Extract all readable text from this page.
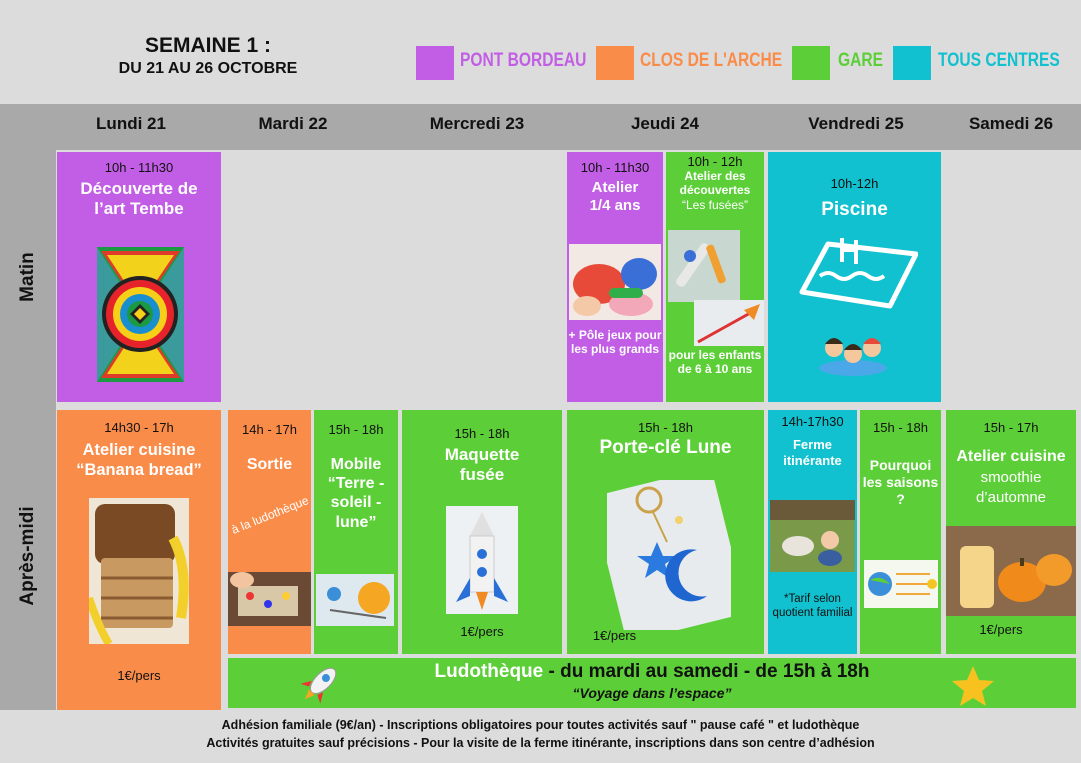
SEMAINE 1 :
DU 21 AU 26 OCTOBRE	PONT BORDEAU	CLOS DE L'ARCHE	GARE	TOUS CENTRES
Lundi 21	Mardi 22	Mercredi 23	Jeudi 24	Vendredi 25	Samedi 26
Matin
Après-midi
10h - 11h30
Découverte de l’art Tembe
10h - 11h30
Atelier 1/4 ans
+ Pôle jeux pour les plus grands
10h - 12h
Atelier des découvertes
“Les fusées”
pour les enfants de 6 à 10 ans
10h-12h
Piscine
14h30 - 17h
Atelier cuisine “Banana bread”
1€/pers
14h - 17h
Sortie
à la ludothèque
15h - 18h
Mobile “Terre -soleil -lune”
15h - 18h
Maquette fusée
1€/pers
15h - 18h
Porte-clé Lune
1€/pers
14h-17h30
Ferme itinérante
*Tarif selon quotient familial
15h - 18h
Pourquoi les saisons ?
15h - 17h
Atelier cuisine
smoothie d’automne
1€/pers
Ludothèque - du mardi au samedi - de 15h à 18h
“Voyage dans l’espace”
Adhésion familiale (9€/an) - Inscriptions obligatoires pour toutes activités sauf " pause café " et ludothèque
Activités gratuites sauf précisions - Pour la visite de la ferme itinérante, inscriptions dans son centre d’adhésion
